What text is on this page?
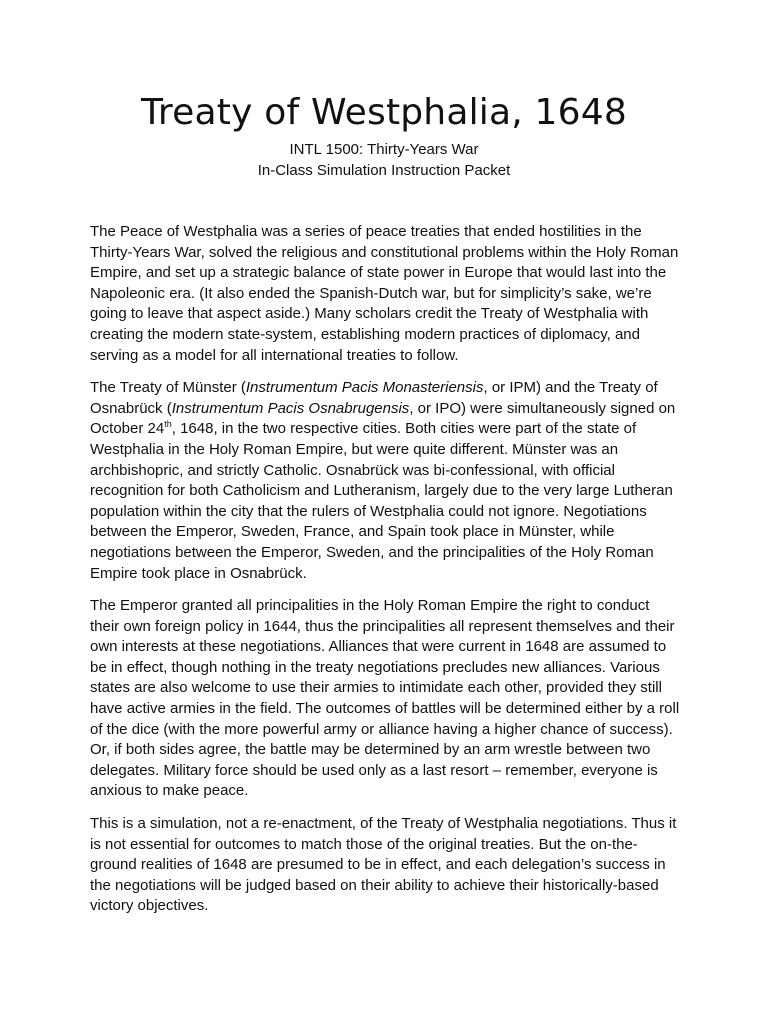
Treaty of Westphalia, 1648
INTL 1500: Thirty-Years War
In-Class Simulation Instruction Packet

The Peace of Westphalia was a series of peace treaties that ended hostilities in the Thirty-Years War, solved the religious and constitutional problems within the Holy Roman Empire, and set up a strategic balance of state power in Europe that would last into the Napoleonic era. (It also ended the Spanish-Dutch war, but for simplicity’s sake, we’re going to leave that aspect aside.) Many scholars credit the Treaty of Westphalia with creating the modern state-system, establishing modern practices of diplomacy, and serving as a model for all international treaties to follow.

The Treaty of Münster (Instrumentum Pacis Monasteriensis, or IPM) and the Treaty of Osnabrück (Instrumentum Pacis Osnabrugensis, or IPO) were simultaneously signed on October 24th, 1648, in the two respective cities. Both cities were part of the state of Westphalia in the Holy Roman Empire, but were quite different. Münster was an archbishopric, and strictly Catholic. Osnabrück was bi-confessional, with official recognition for both Catholicism and Lutheranism, largely due to the very large Lutheran population within the city that the rulers of Westphalia could not ignore. Negotiations between the Emperor, Sweden, France, and Spain took place in Münster, while negotiations between the Emperor, Sweden, and the principalities of the Holy Roman Empire took place in Osnabrück.

The Emperor granted all principalities in the Holy Roman Empire the right to conduct their own foreign policy in 1644, thus the principalities all represent themselves and their own interests at these negotiations. Alliances that were current in 1648 are assumed to be in effect, though nothing in the treaty negotiations precludes new alliances. Various states are also welcome to use their armies to intimidate each other, provided they still have active armies in the field. The outcomes of battles will be determined either by a roll of the dice (with the more powerful army or alliance having a higher chance of success). Or, if both sides agree, the battle may be determined by an arm wrestle between two delegates. Military force should be used only as a last resort – remember, everyone is anxious to make peace.

This is a simulation, not a re-enactment, of the Treaty of Westphalia negotiations. Thus it is not essential for outcomes to match those of the original treaties. But the on-the-ground realities of 1648 are presumed to be in effect, and each delegation’s success in the negotiations will be judged based on their ability to achieve their historically-based victory objectives.
